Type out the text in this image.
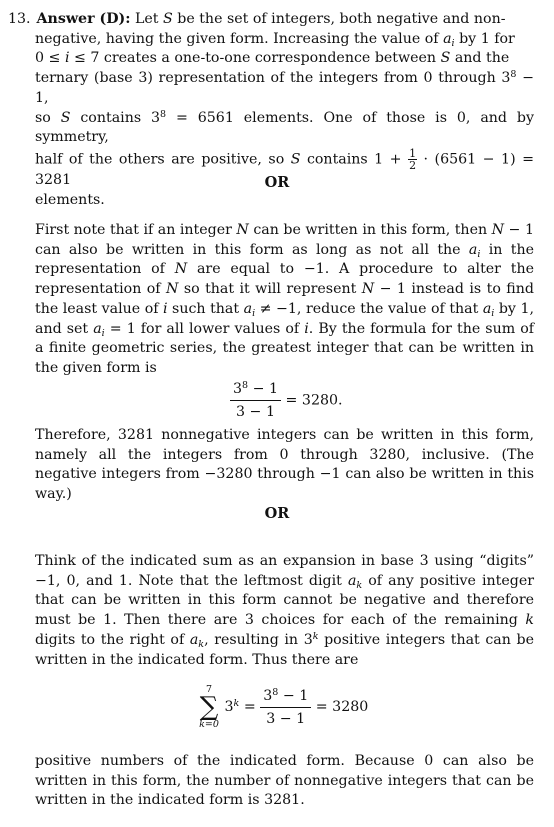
13. Answer (D): Let S be the set of integers, both negative and non-
negative, having the given form. Increasing the value of $a_i$ by 1 for
0 ≤ i ≤ 7 creates a one-to-one correspondence between S and the
ternary (base 3) representation of the integers from 0 through $3^8 - 1$,
so S contains $3^8 = 6561$ elements. One of those is 0, and by symmetry,
half of the others are positive, so S contains $1 + \frac{1}{2} \cdot (6561 - 1) = 3281$
elements.
OR

First note that if an integer N can be written in this form, then N − 1 can also be written in this form as long as not all the $a_i$ in the representation of N are equal to −1. A procedure to alter the representation of N so that it will represent N − 1 instead is to find the least value of i such that $a_i \ne -1$, reduce the value of that $a_i$ by 1, and set $a_i = 1$ for all lower values of i. By the formula for the sum of a finite geometric series, the greatest integer that can be written in the given form is

$\frac{3^8 - 1}{3 - 1} = 3280$.

Therefore, 3281 nonnegative integers can be written in this form, namely all the integers from 0 through 3280, inclusive. (The negative integers from −3280 through −1 can also be written in this way.)

OR

Think of the indicated sum as an expansion in base 3 using “digits” −1, 0, and 1. Note that the leftmost digit $a_k$ of any positive integer that can be written in this form cannot be negative and therefore must be 1. Then there are 3 choices for each of the remaining k digits to the right of $a_k$, resulting in 3$^k$ positive integers that can be written in the indicated form. Thus there are

7
∑
k=0
$3^k = \frac{3^8 - 1}{3 - 1} = 3280$

positive numbers of the indicated form. Because 0 can also be written in this form, the number of nonnegative integers that can be written in the indicated form is 3281.
